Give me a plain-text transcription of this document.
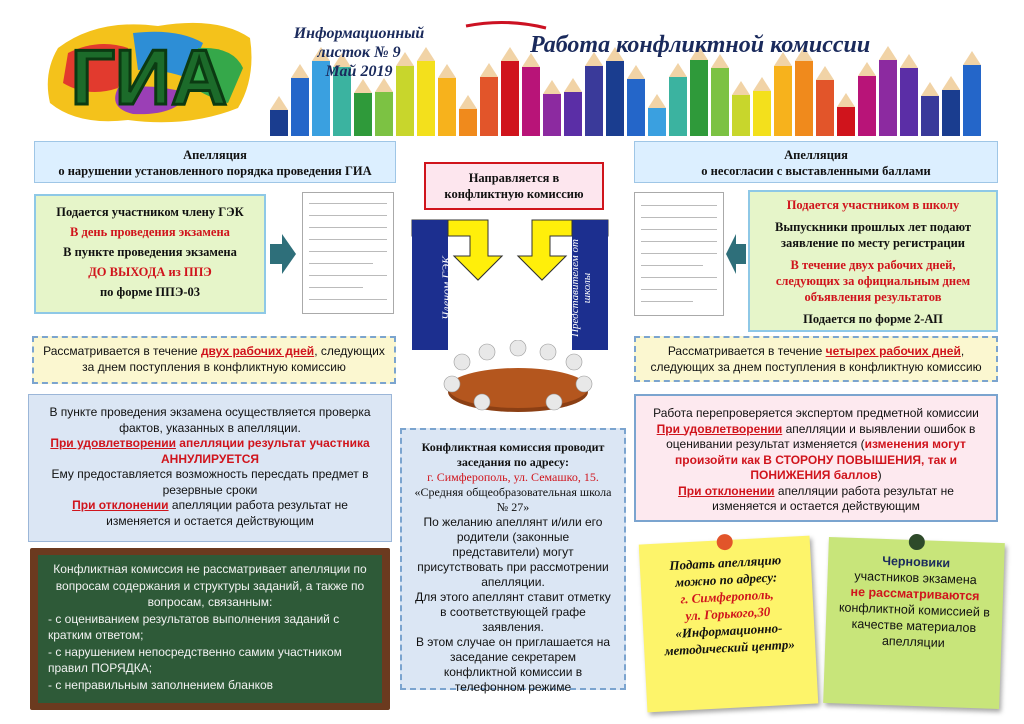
ГИА	Информационный
листок № 9
Май 2019
Работа конфликтной комиссии
Апелляция
о нарушении установленного порядка проведения ГИА
Подается участником члену ГЭК
В день проведения экзамена
В пункте проведения экзамена
ДО ВЫХОДА из ППЭ
по форме ППЭ-03
Рассматривается в течение двух рабочих дней, следующих за днем поступления в конфликтную комиссию
В пункте проведения экзамена осуществляется проверка фактов, указанных в апелляции.
При удовлетворении апелляции результат участника
АННУЛИРУЕТСЯ
Ему предоставляется возможность пересдать предмет в резервные сроки
При отклонении апелляции работа результат не изменяется и остается действующим
Конфликтная комиссия не рассматривает апелляции по вопросам содержания и структуры заданий, а также по вопросам, связанным:
- с оцениванием результатов выполнения заданий с кратким ответом;
- с нарушением непосредственно самим участником правил ПОРЯДКА;
- с неправильным заполнением бланков
Направляется в
конфликтную комиссию
Членом ГЭК	Представителем от школы
Конфликтная комиссия проводит заседания по адресу:
г. Симферополь, ул. Семашко, 15.
«Средняя общеобразовательная школа № 27»
По желанию апеллянт и/или его родители (законные представители) могут присутствовать при рассмотрении апелляции.
Для этого апеллянт ставит отметку в соответствующей графе заявления.
В этом случае он приглашается на заседание секретарем конфликтной комиссии в телефонном режиме
Апелляция
о несогласии с выставленными баллами
Подается участником в школу
Выпускники прошлых лет подают заявление по месту регистрации
В течение двух рабочих дней, следующих за официальным днем объявления результатов
Подается по форме 2-АП
Рассматривается в течение четырех рабочих дней, следующих за днем поступления в конфликтную комиссию
Работа перепроверяется экспертом предметной комиссии
При удовлетворении апелляции и выявлении ошибок в оценивании результат изменяется (изменения могут произойти как В СТОРОНУ ПОВЫШЕНИЯ, так и ПОНИЖЕНИЯ баллов)
При отклонении апелляции работа результат не изменяется и остается действующим
Подать апелляцию можно по адресу:
г. Симферополь,
ул. Горького,30
«Информационно-методический центр»
Черновики
участников экзамена
не рассматриваются
конфликтной комиссией в качестве материалов апелляции
